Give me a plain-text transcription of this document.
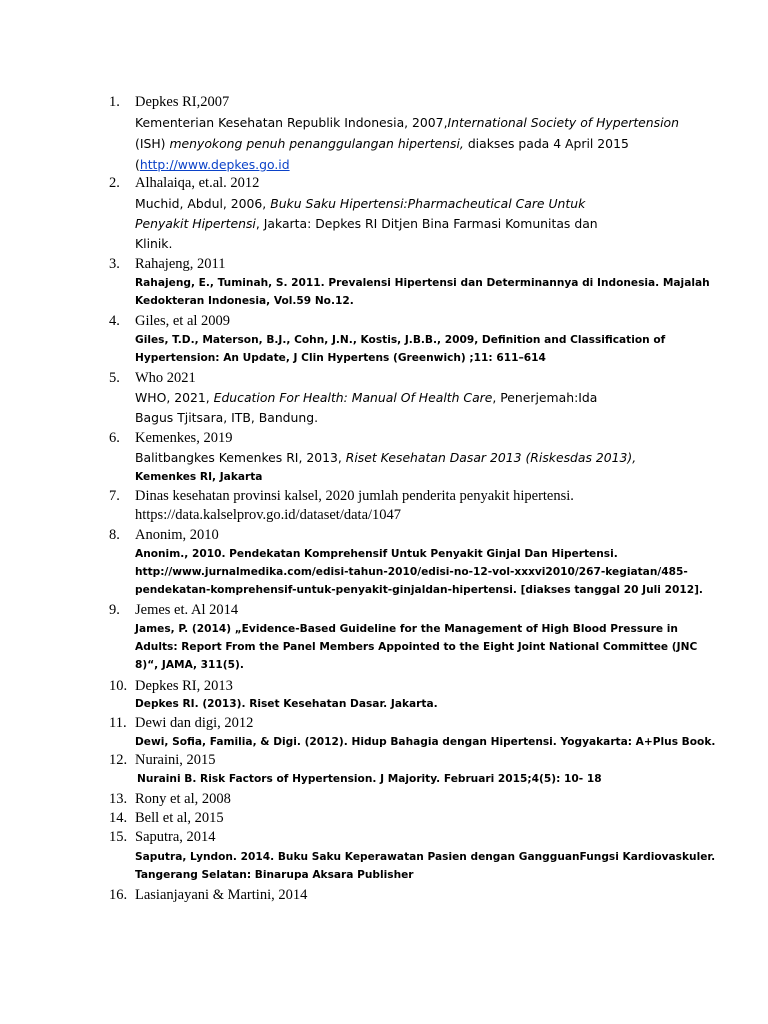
1.	Depkes RI,2007
Kementerian Kesehatan Republik Indonesia, 2007,International Society of Hypertension
(ISH) menyokong penuh penanggulangan hipertensi, diakses pada 4 April 2015
(http://www.depkes.go.id
2.	Alhalaiqa, et.al. 2012
Muchid, Abdul, 2006, Buku Saku Hipertensi:Pharmacheutical Care Untuk
Penyakit Hipertensi, Jakarta: Depkes RI Ditjen Bina Farmasi Komunitas dan
Klinik.
3.	Rahajeng, 2011
Rahajeng, E., Tuminah, S. 2011. Prevalensi Hipertensi dan Determinannya di Indonesia. Majalah
Kedokteran Indonesia, Vol.59 No.12.
4.	Giles, et al 2009
Giles, T.D., Materson, B.J., Cohn, J.N., Kostis, J.B.B., 2009, Definition and Classification of
Hypertension: An Update, J Clin Hypertens (Greenwich) ;11: 611–614
5.	Who 2021
WHO, 2021, Education For Health: Manual Of Health Care, Penerjemah:Ida
Bagus Tjitsara, ITB, Bandung.
6.	Kemenkes, 2019
Balitbangkes Kemenkes RI, 2013, Riset Kesehatan Dasar 2013 (Riskesdas 2013),
Kemenkes RI, Jakarta
7.	Dinas kesehatan provinsi kalsel, 2020 jumlah penderita penyakit hipertensi.
https://data.kalselprov.go.id/dataset/data/1047
8.	Anonim, 2010
Anonim., 2010. Pendekatan Komprehensif Untuk Penyakit Ginjal Dan Hipertensi.
http://www.jurnalmedika.com/edisi-tahun-2010/edisi-no-12-vol-xxxvi2010/267-kegiatan/485-
pendekatan-komprehensif-untuk-penyakit-ginjaldan-hipertensi. [diakses tanggal 20 Juli 2012].
9.	Jemes et. Al 2014
James, P. (2014) „Evidence-Based Guideline for the Management of High Blood Pressure in
Adults: Report From the Panel Members Appointed to the Eight Joint National Committee (JNC
8)“, JAMA, 311(5).
10. Depkes RI, 2013
Depkes RI. (2013). Riset Kesehatan Dasar. Jakarta.
11. Dewi dan digi, 2012
Dewi, Sofia, Familia, & Digi. (2012). Hidup Bahagia dengan Hipertensi. Yogyakarta: A+Plus Book.
12. Nuraini, 2015
Nuraini B. Risk Factors of Hypertension. J Majority. Februari 2015;4(5): 10- 18
13. Rony et al, 2008
14. Bell et al, 2015
15. Saputra, 2014
Saputra, Lyndon. 2014. Buku Saku Keperawatan Pasien dengan GangguanFungsi Kardiovaskuler.
Tangerang Selatan: Binarupa Aksara Publisher
16. Lasianjayani & Martini, 2014
